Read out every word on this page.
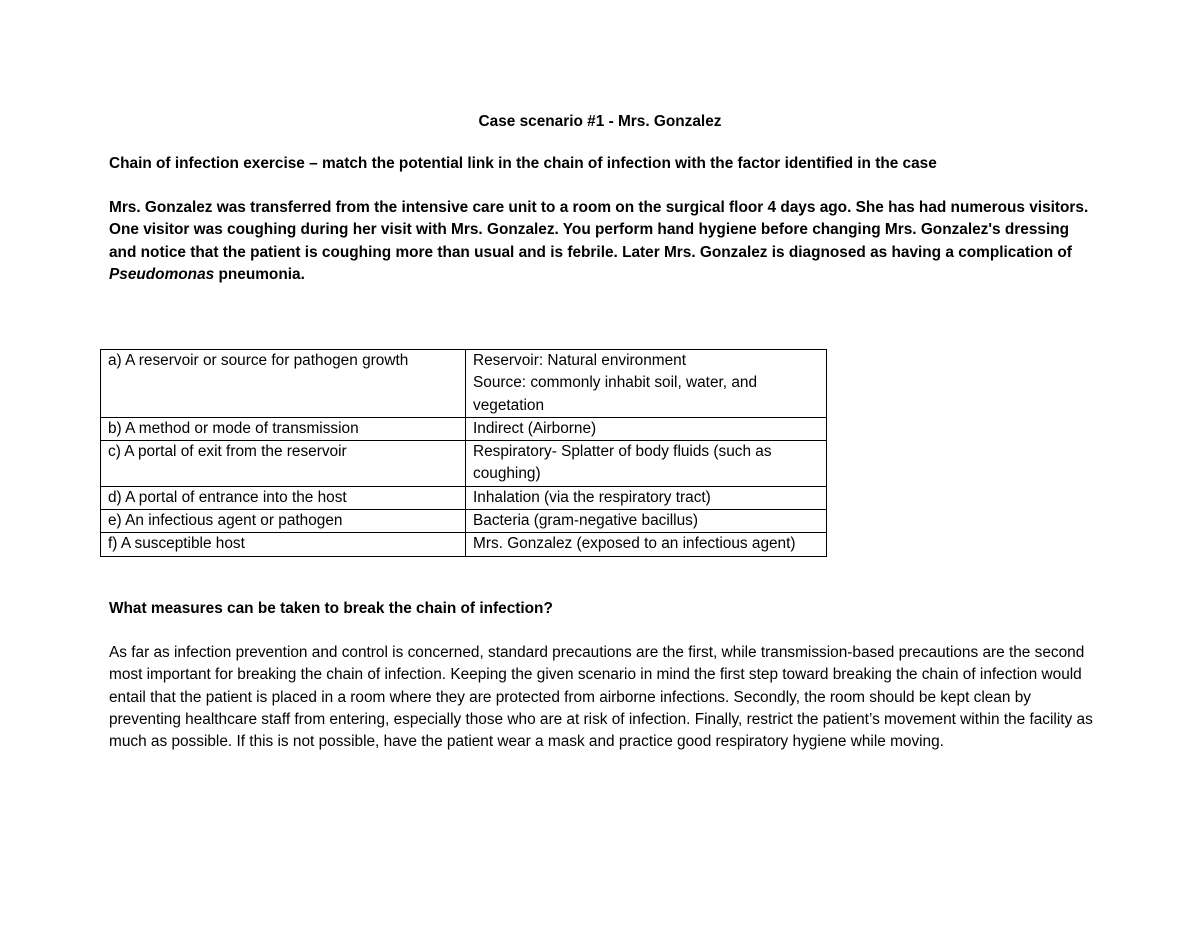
Case scenario #1 - Mrs. Gonzalez
Chain of infection exercise – match the potential link in the chain of infection with the factor identified in the case
Mrs. Gonzalez was transferred from the intensive care unit to a room on the surgical floor 4 days ago. She has had numerous visitors. One visitor was coughing during her visit with Mrs. Gonzalez. You perform hand hygiene before changing Mrs. Gonzalez's dressing and notice that the patient is coughing more than usual and is febrile. Later Mrs. Gonzalez is diagnosed as having a complication of Pseudomonas pneumonia.
a) A reservoir or source for pathogen growth	Reservoir: Natural environment
Source: commonly inhabit soil, water, and vegetation

b) A method or mode of transmission	Indirect (Airborne)

c) A portal of exit from the reservoir	Respiratory- Splatter of body fluids (such as coughing)

d) A portal of entrance into the host	Inhalation (via the respiratory tract)

e) An infectious agent or pathogen	Bacteria (gram-negative bacillus)

f) A susceptible host	Mrs. Gonzalez (exposed to an infectious agent)
What measures can be taken to break the chain of infection?
As far as infection prevention and control is concerned, standard precautions are the first, while transmission-based precautions are the second most important for breaking the chain of infection. Keeping the given scenario in mind the first step toward breaking the chain of infection would entail that the patient is placed in a room where they are protected from airborne infections. Secondly, the room should be kept clean by preventing healthcare staff from entering, especially those who are at risk of infection. Finally, restrict the patient’s movement within the facility as much as possible. If this is not possible, have the patient wear a mask and practice good respiratory hygiene while moving.
